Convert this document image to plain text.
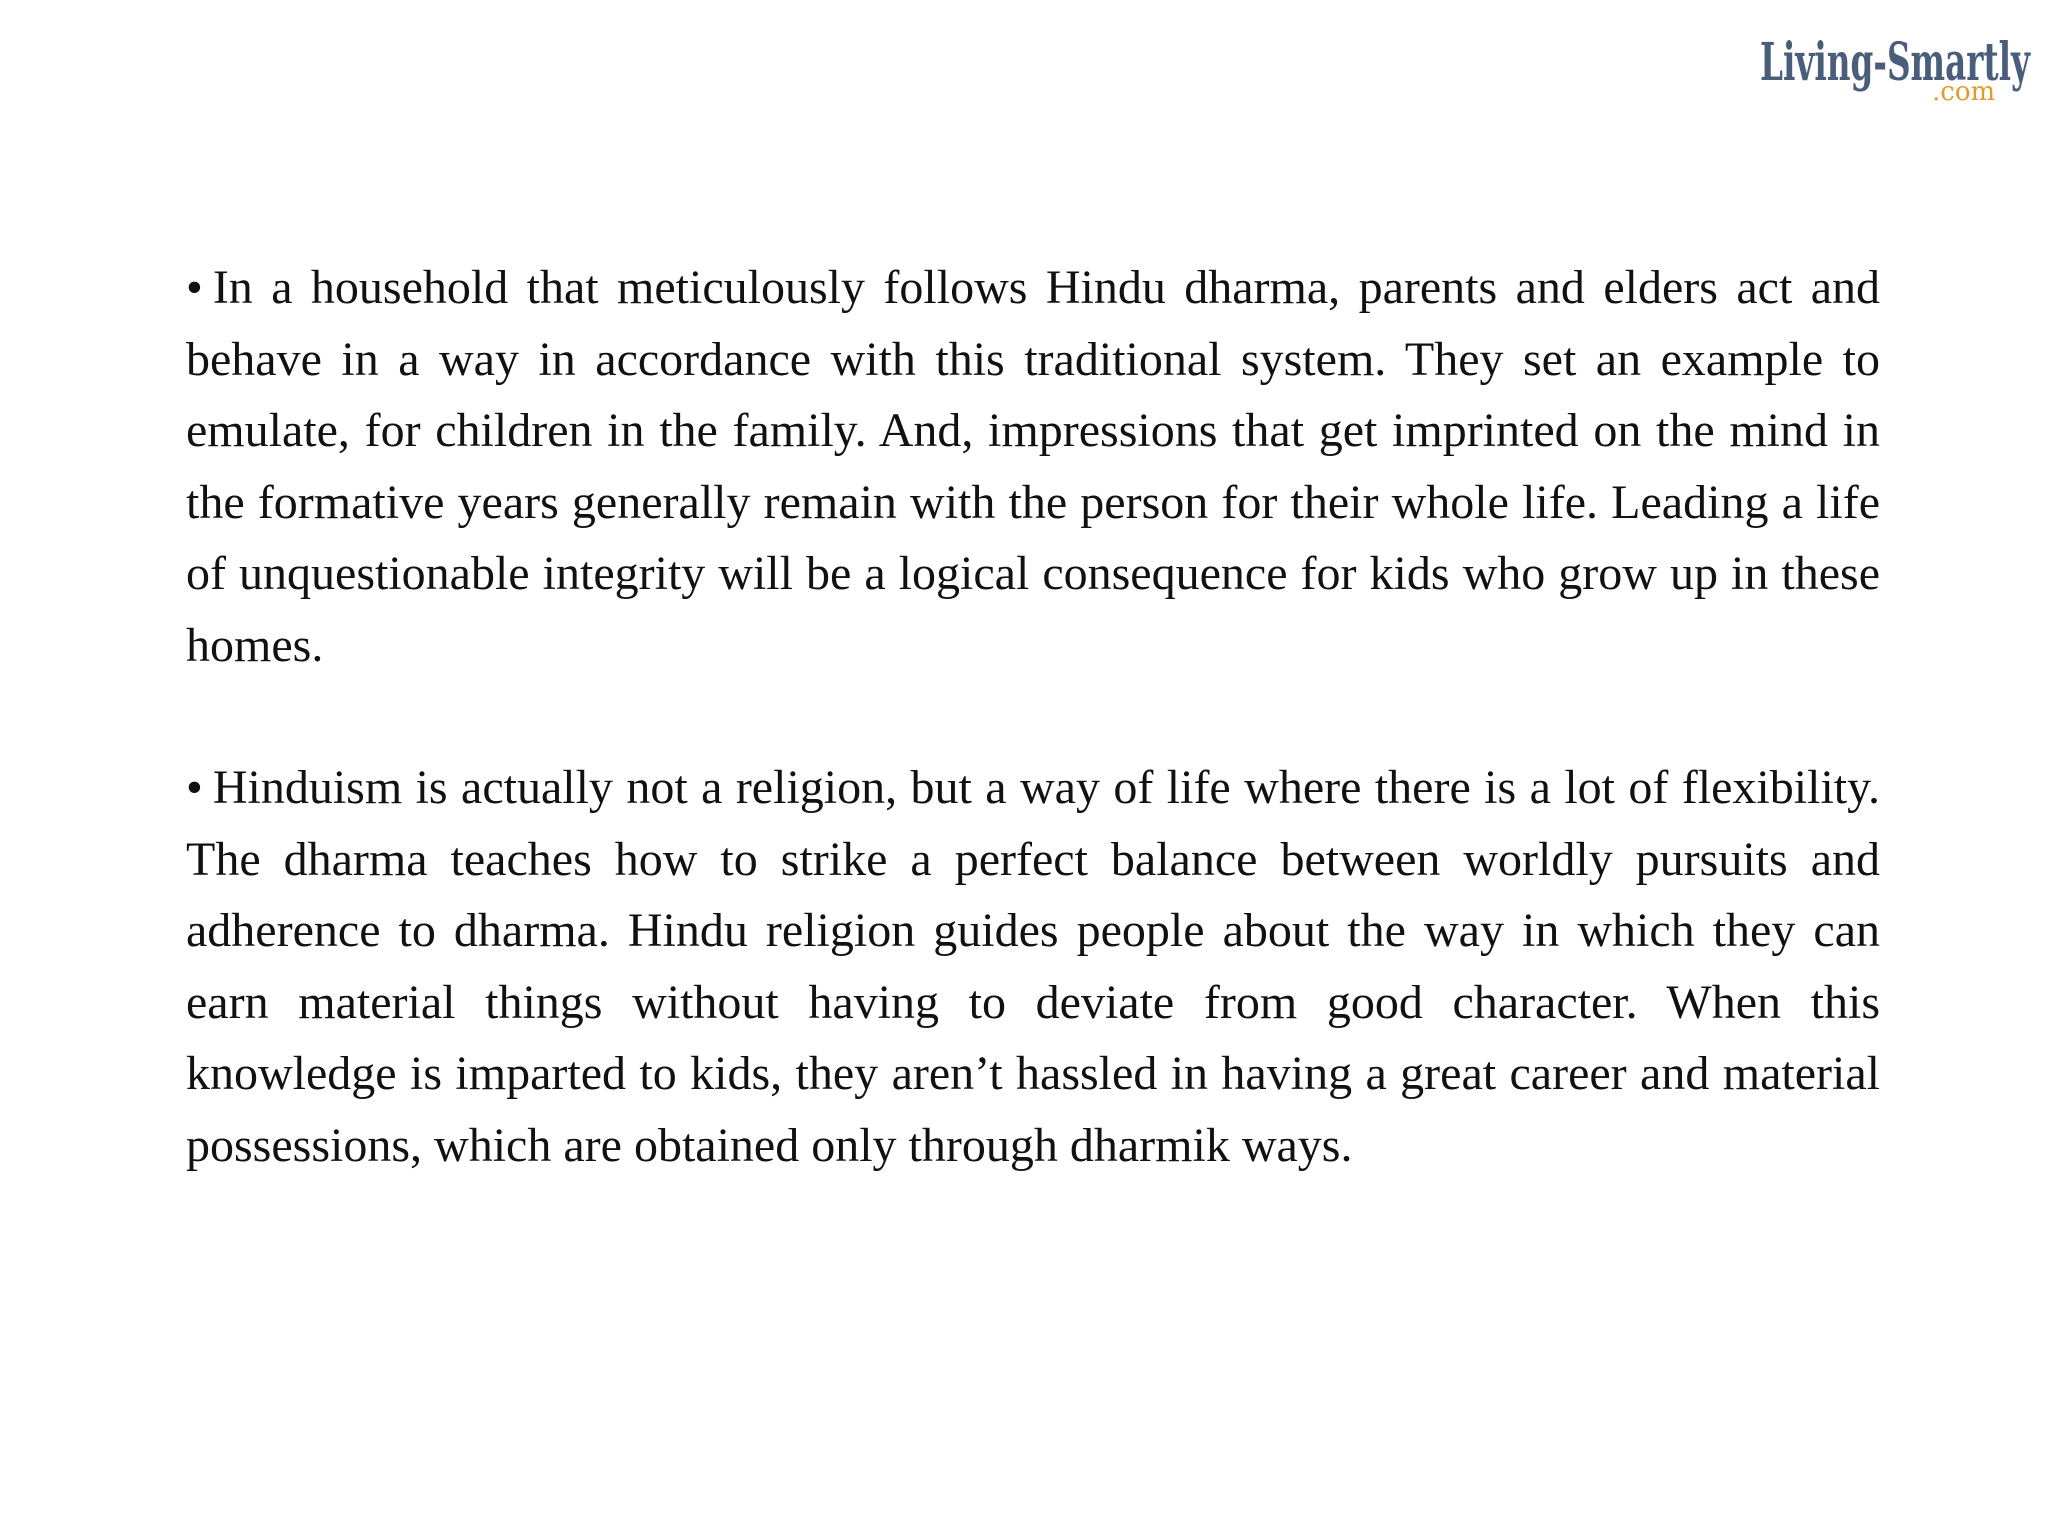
Living-Smartly
.com

• In a household that meticulously follows Hindu dharma, parents and elders act and behave in a way in accordance with this traditional system. They set an example to emulate, for children in the family. And, impressions that get imprinted on the mind in the formative years generally remain with the person for their whole life. Leading a life of unquestionable integrity will be a logical consequence for kids who grow up in these homes.

• Hinduism is actually not a religion, but a way of life where there is a lot of flexibility. The dharma teaches how to strike a perfect balance between worldly pursuits and adherence to dharma. Hindu religion guides people about the way in which they can earn material things without having to deviate from good character. When this knowledge is imparted to kids, they aren’t hassled in having a great career and material possessions, which are obtained only through dharmik ways.
